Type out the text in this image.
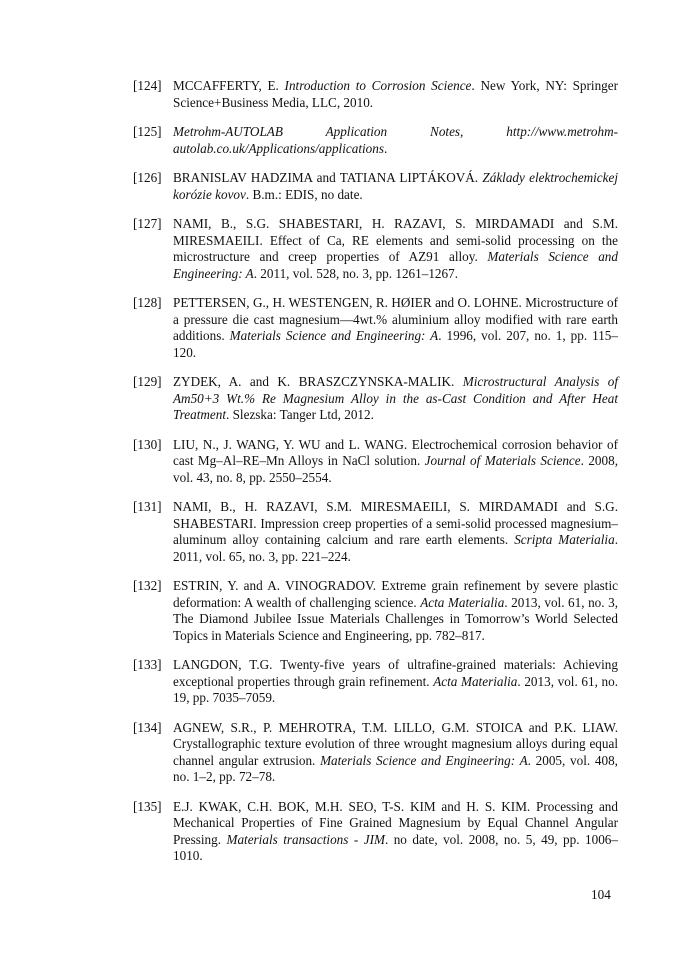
[124] MCCAFFERTY, E. Introduction to Corrosion Science. New York, NY: Springer Science+Business Media, LLC, 2010.
[125] Metrohm-AUTOLAB Application Notes, http://www.metrohm-autolab.co.uk/Applications/applications.
[126] BRANISLAV HADZIMA and TATIANA LIPTÁKOVÁ. Základy elektrochemickej korózie kovov. B.m.: EDIS, no date.
[127] NAMI, B., S.G. SHABESTARI, H. RAZAVI, S. MIRDAMADI and S.M. MIRESMAEILI. Effect of Ca, RE elements and semi-solid processing on the microstructure and creep properties of AZ91 alloy. Materials Science and Engineering: A. 2011, vol. 528, no. 3, pp. 1261–1267.
[128] PETTERSEN, G., H. WESTENGEN, R. HØIER and O. LOHNE. Microstructure of a pressure die cast magnesium—4wt.% aluminium alloy modified with rare earth additions. Materials Science and Engineering: A. 1996, vol. 207, no. 1, pp. 115–120.
[129] ZYDEK, A. and K. BRASZCZYNSKA-MALIK. Microstructural Analysis of Am50+3 Wt.% Re Magnesium Alloy in the as-Cast Condition and After Heat Treatment. Slezska: Tanger Ltd, 2012.
[130] LIU, N., J. WANG, Y. WU and L. WANG. Electrochemical corrosion behavior of cast Mg–Al–RE–Mn Alloys in NaCl solution. Journal of Materials Science. 2008, vol. 43, no. 8, pp. 2550–2554.
[131] NAMI, B., H. RAZAVI, S.M. MIRESMAEILI, S. MIRDAMADI and S.G. SHABESTARI. Impression creep properties of a semi-solid processed magnesium–aluminum alloy containing calcium and rare earth elements. Scripta Materialia. 2011, vol. 65, no. 3, pp. 221–224.
[132] ESTRIN, Y. and A. VINOGRADOV. Extreme grain refinement by severe plastic deformation: A wealth of challenging science. Acta Materialia. 2013, vol. 61, no. 3, The Diamond Jubilee Issue Materials Challenges in Tomorrow’s World Selected Topics in Materials Science and Engineering, pp. 782–817.
[133] LANGDON, T.G. Twenty-five years of ultrafine-grained materials: Achieving exceptional properties through grain refinement. Acta Materialia. 2013, vol. 61, no. 19, pp. 7035–7059.
[134] AGNEW, S.R., P. MEHROTRA, T.M. LILLO, G.M. STOICA and P.K. LIAW. Crystallographic texture evolution of three wrought magnesium alloys during equal channel angular extrusion. Materials Science and Engineering: A. 2005, vol. 408, no. 1–2, pp. 72–78.
[135] E.J. KWAK, C.H. BOK, M.H. SEO, T-S. KIM and H. S. KIM. Processing and Mechanical Properties of Fine Grained Magnesium by Equal Channel Angular Pressing. Materials transactions - JIM. no date, vol. 2008, no. 5, 49, pp. 1006–1010.
104
